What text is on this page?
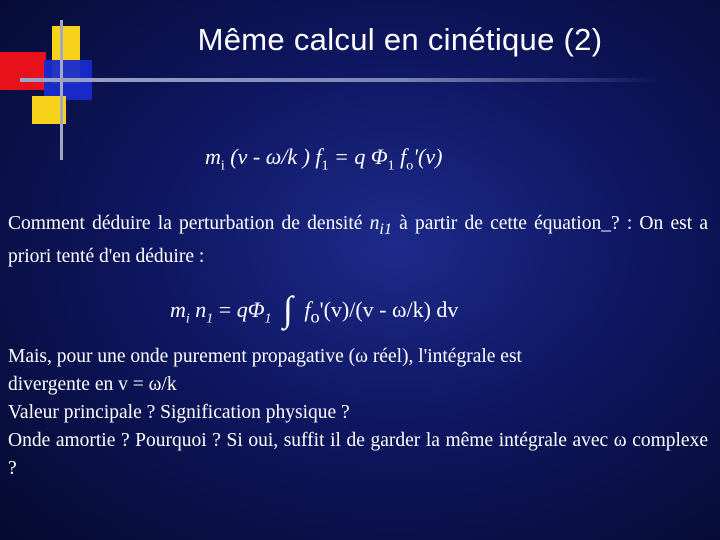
Même calcul en cinétique (2)
$m_i$ (v - ω/k ) $f_1 = q$ $\Phi_1$ $f_o'(v)$
Comment déduire la perturbation de densité $n_{i1}$ à partir de cette équation_? : On est a priori tenté d'en déduire :
$m_i$ $n_1 = q\Phi_1$ ∫ $f_o'(v)/(v - \omega/k)$ dv
Mais, pour une onde purement propagative (ω réel), l'intégrale est
divergente en v = ω/k
Valeur principale ? Signification physique ?
Onde amortie ? Pourquoi ? Si oui, suffit il de garder la même intégrale avec ω complexe ?
